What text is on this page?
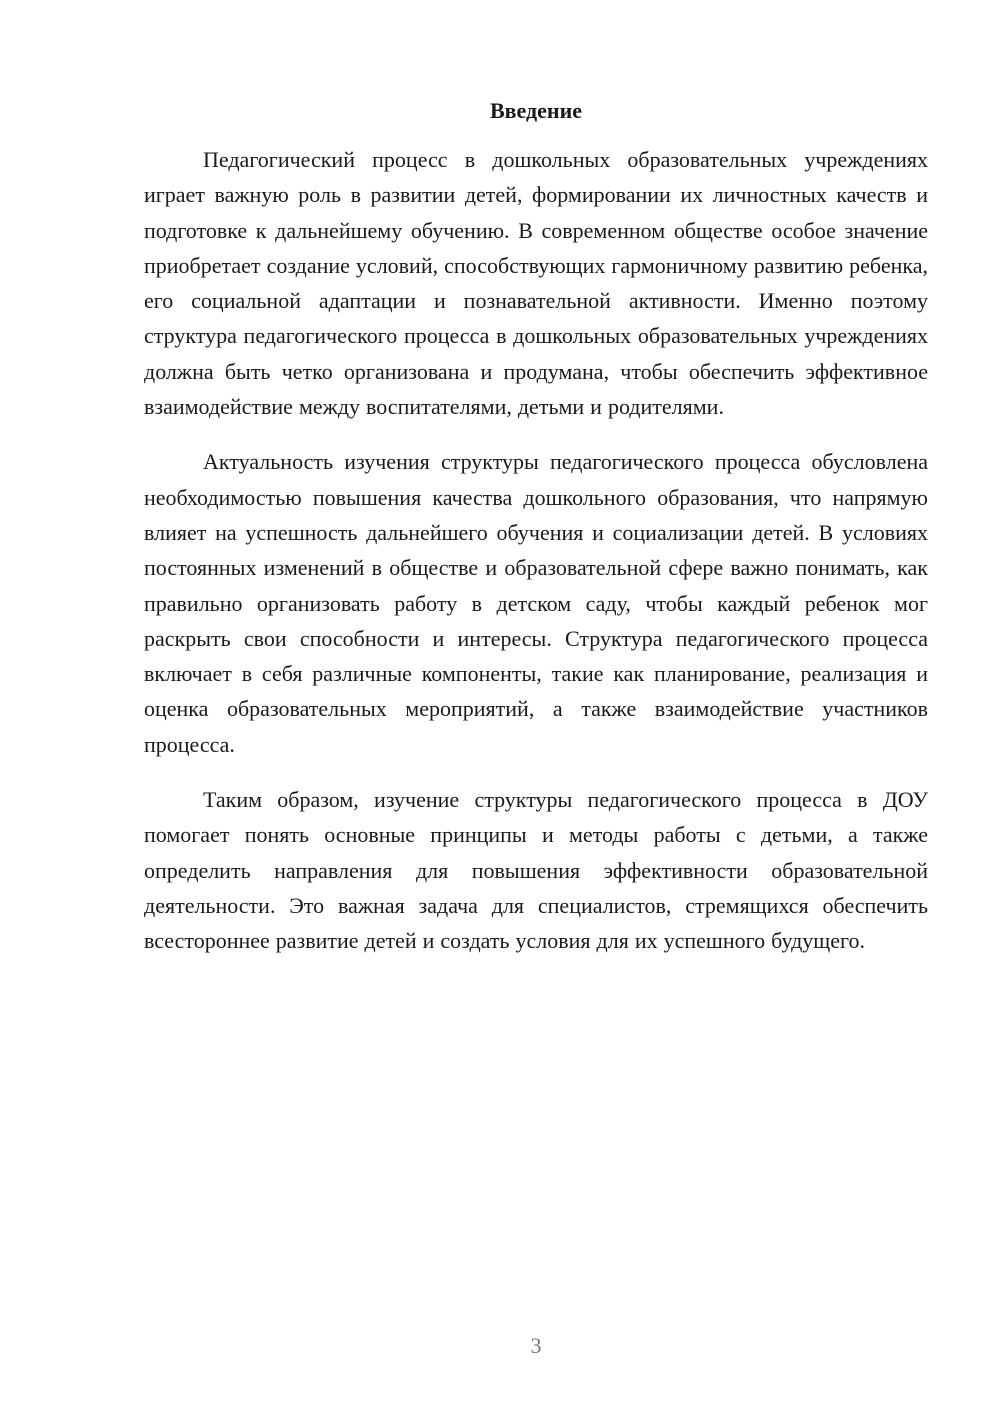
Введение

Педагогический процесс в дошкольных образовательных учреждениях играет важную роль в развитии детей, формировании их личностных качеств и подготовке к дальнейшему обучению. В современном обществе особое значение приобретает создание условий, способствующих гармоничному развитию ребенка, его социальной адаптации и познавательной активности. Именно поэтому структура педагогического процесса в дошкольных образовательных учреждениях должна быть четко организована и продумана, чтобы обеспечить эффективное взаимодействие между воспитателями, детьми и родителями.

Актуальность изучения структуры педагогического процесса обусловлена необходимостью повышения качества дошкольного образования, что напрямую влияет на успешность дальнейшего обучения и социализации детей. В условиях постоянных изменений в обществе и образовательной сфере важно понимать, как правильно организовать работу в детском саду, чтобы каждый ребенок мог раскрыть свои способности и интересы. Структура педагогического процесса включает в себя различные компоненты, такие как планирование, реализация и оценка образовательных мероприятий, а также взаимодействие участников процесса.

Таким образом, изучение структуры педагогического процесса в ДОУ помогает понять основные принципы и методы работы с детьми, а также определить направления для повышения эффективности образовательной деятельности. Это важная задача для специалистов, стремящихся обеспечить всестороннее развитие детей и создать условия для их успешного будущего.

3
